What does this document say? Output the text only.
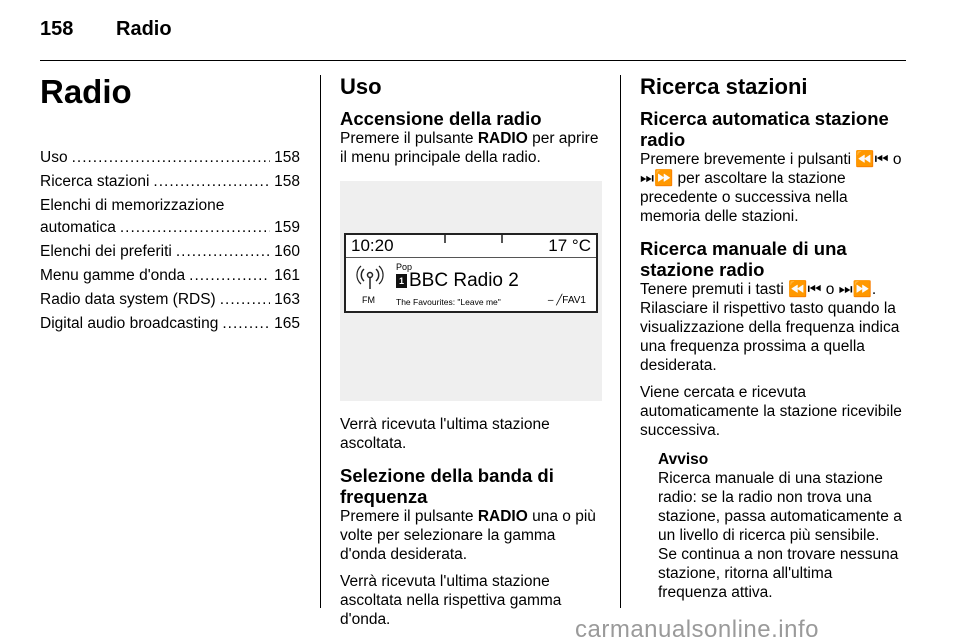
158 Radio
Radio
Uso .....	158
Ricerca stazioni .....	158
Elenchi di memorizzazione
automatica .....	159
Elenchi dei preferiti .....	160
Menu gamme d'onda .....	161
Radio data system (RDS) .....	163
Digital audio broadcasting .....	165
Uso
Accensione della radio

Premere il pulsante RADIO per aprire il menu principale della radio.

10:20	17 °C
FM
Pop
1 BBC Radio 2
The Favourites: "Leave me"	– ╱FAV1

Verrà ricevuta l'ultima stazione ascoltata.

Selezione della banda di frequenza

Premere il pulsante RADIO una o più volte per selezionare la gamma d'onda desiderata.

Verrà ricevuta l'ultima stazione ascoltata nella rispettiva gamma d'onda.

Ricerca stazioni
Ricerca automatica stazione radio

Premere brevemente i pulsanti ⏪⏮ o ⏭⏩ per ascoltare la stazione precedente o successiva nella memoria delle stazioni.

Ricerca manuale di una stazione radio

Tenere premuti i tasti ⏪⏮ o ⏭⏩. Rilasciare il rispettivo tasto quando la visualizzazione della frequenza indica una frequenza prossima a quella desiderata.

Viene cercata e ricevuta automaticamente la stazione ricevibile successiva.

Avviso

Ricerca manuale di una stazione radio: se la radio non trova una stazione, passa automaticamente a un livello di ricerca più sensibile. Se continua a non trovare nessuna stazione, ritorna all'ultima frequenza attiva.

carmanualsonline.info
